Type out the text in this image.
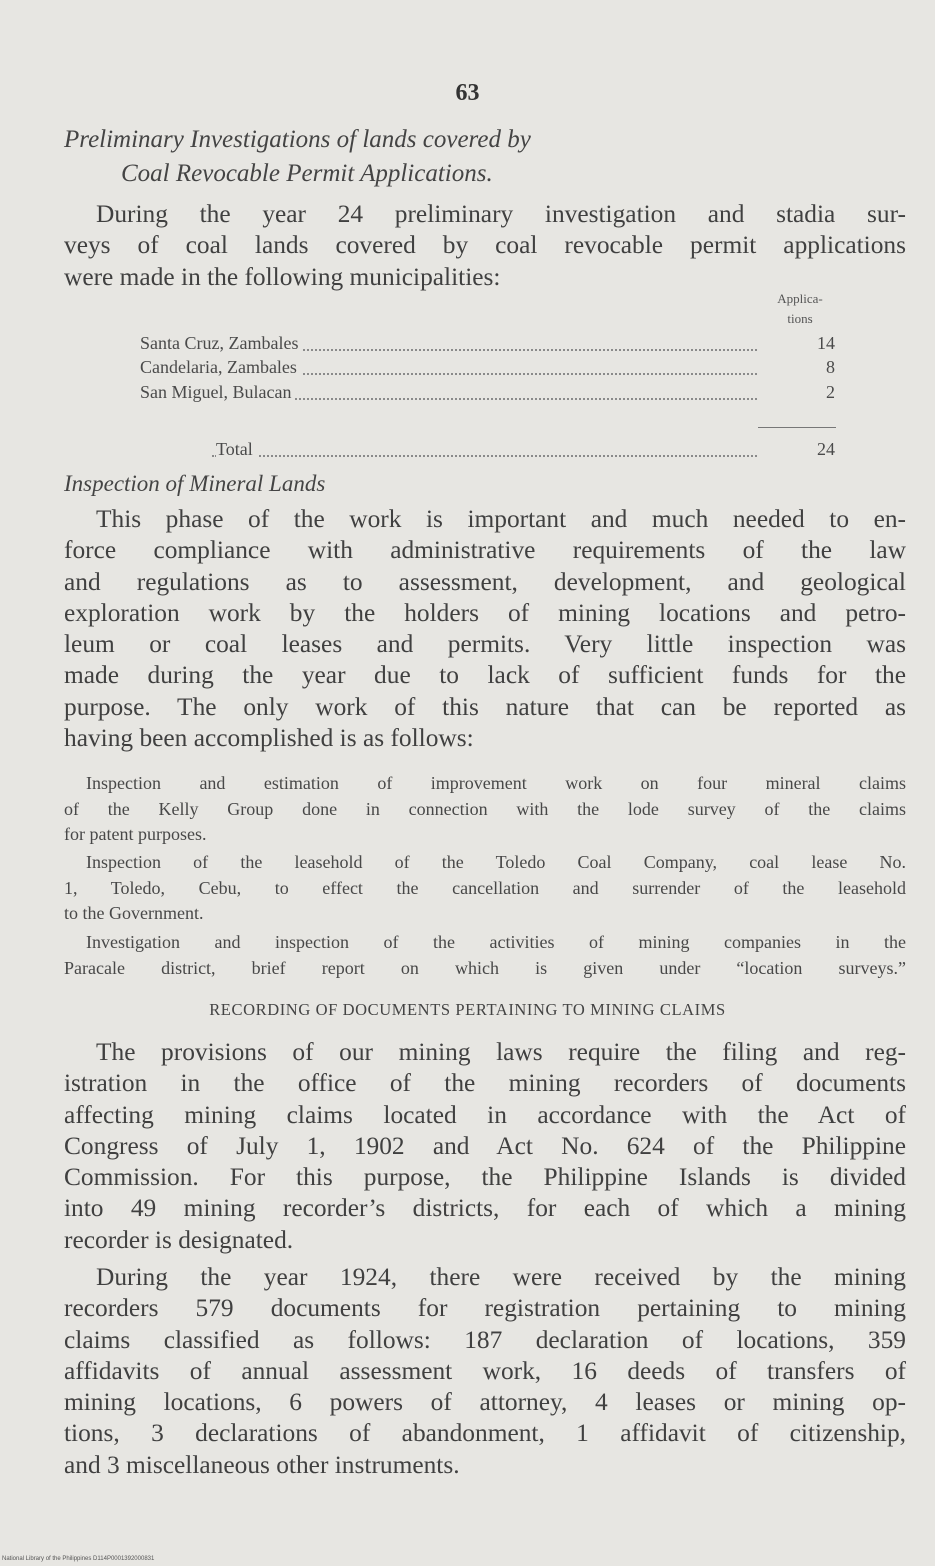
63
Preliminary Investigations of lands covered by
Coal Revocable Permit Applications.
During the year 24 preliminary investigation and stadia sur-
veys of coal lands covered by coal revocable permit applications
were made in the following municipalities:
Applica-
tions
Santa Cruz, Zambales	14
Candelaria, Zambales	8
San Miguel, Bulacan	2
Total	24
Inspection of Mineral Lands
This phase of the work is important and much needed to en-
force compliance with administrative requirements of the law
and regulations as to assessment, development, and geological
exploration work by the holders of mining locations and petro-
leum or coal leases and permits. Very little inspection was
made during the year due to lack of sufficient funds for the
purpose. The only work of this nature that can be reported as
having been accomplished is as follows:
Inspection and estimation of improvement work on four mineral claims
of the Kelly Group done in connection with the lode survey of the claims
for patent purposes.
Inspection of the leasehold of the Toledo Coal Company, coal lease No.
1, Toledo, Cebu, to effect the cancellation and surrender of the leasehold
to the Government.
Investigation and inspection of the activities of mining companies in the
Paracale district, brief report on which is given under “location surveys.”
RECORDING OF DOCUMENTS PERTAINING TO MINING CLAIMS
The provisions of our mining laws require the filing and reg-
istration in the office of the mining recorders of documents
affecting mining claims located in accordance with the Act of
Congress of July 1, 1902 and Act No. 624 of the Philippine
Commission. For this purpose, the Philippine Islands is divided
into 49 mining recorder’s districts, for each of which a mining
recorder is designated.
During the year 1924, there were received by the mining
recorders 579 documents for registration pertaining to mining
claims classified as follows: 187 declaration of locations, 359
affidavits of annual assessment work, 16 deeds of transfers of
mining locations, 6 powers of attorney, 4 leases or mining op-
tions, 3 declarations of abandonment, 1 affidavit of citizenship,
and 3 miscellaneous other instruments.
National Library of the Philippines D114P0001392000831
